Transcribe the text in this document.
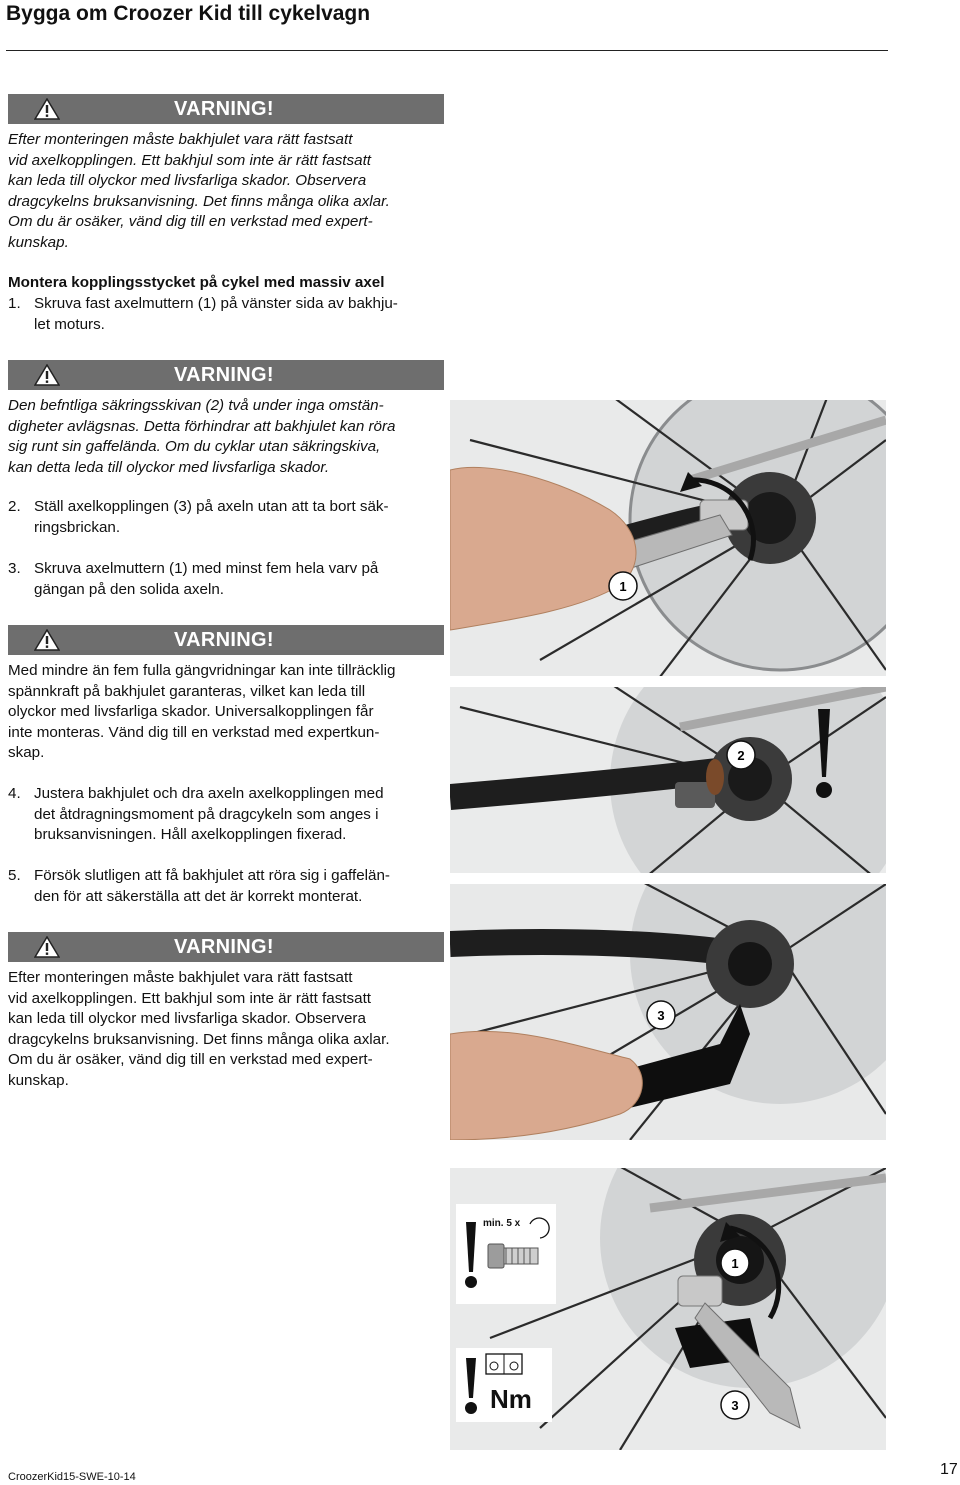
Bygga om Croozer Kid till cykelvagn
VARNING!
Efter monteringen måste bakhjulet vara rätt fastsatt
vid axelkopplingen. Ett bakhjul som inte är rätt fastsatt
kan leda till olyckor med livsfarliga skador. Observera
dragcykelns bruksanvisning. Det finns många olika axlar.
Om du är osäker, vänd dig till en verkstad med expert-
kunskap.
Montera kopplingsstycket på cykel med massiv axel
1. Skruva fast axelmuttern (1) på vänster sida av bakhju-
let moturs.
VARNING!
Den befntliga säkringsskivan (2) två under inga omstän-
digheter avlägsnas. Detta förhindrar att bakhjulet kan röra
sig runt sin gaffelända. Om du cyklar utan säkringskiva,
kan detta leda till olyckor med livsfarliga skador.
2. Ställ axelkopplingen (3) på axeln utan att ta bort säk-
ringsbrickan.
3. Skruva axelmuttern (1) med minst fem hela varv på
gängan på den solida axeln.
VARNING!
Med mindre än fem fulla gängvridningar kan inte tillräcklig
spännkraft på bakhjulet garanteras, vilket kan leda till
olyckor med livsfarliga skador. Universalkopplingen får
inte monteras. Vänd dig till en verkstad med expertkun-
skap.
4. Justera bakhjulet och dra axeln axelkopplingen med
det åtdragningsmoment på dragcykeln som anges i
bruksanvisningen. Håll axelkopplingen fixerad.
5. Försök slutligen att få bakhjulet att röra sig i gaffelän-
den för att säkerställa att det är korrekt monterat.
VARNING!
Efter monteringen måste bakhjulet vara rätt fastsatt
vid axelkopplingen. Ett bakhjul som inte är rätt fastsatt
kan leda till olyckor med livsfarliga skador. Observera
dragcykelns bruksanvisning. Det finns många olika axlar.
Om du är osäker, vänd dig till en verkstad med expert-
kunskap.
1
2
3
1
3
min. 5 x
Nm
CroozerKid15-SWE-10-14	17
